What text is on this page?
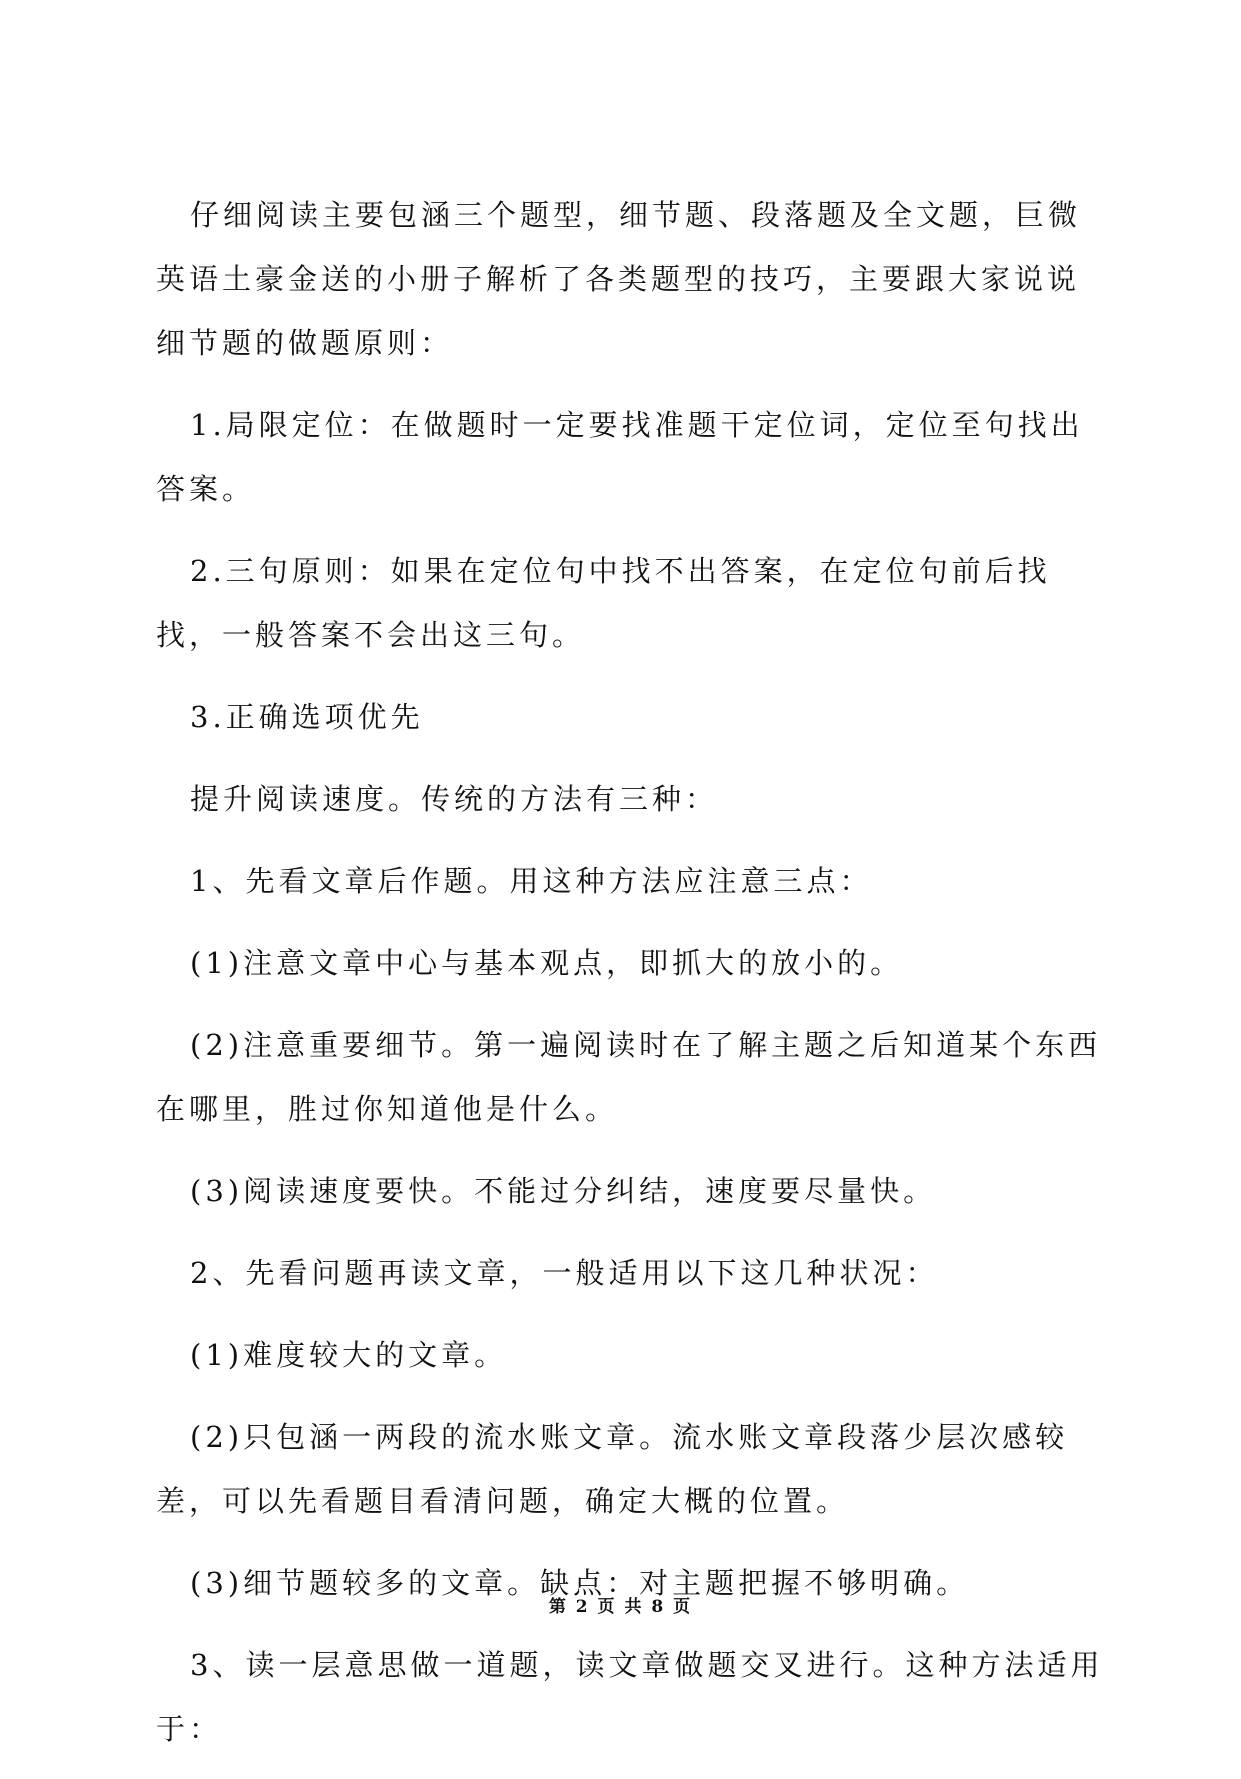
仔细阅读主要包涵三个题型，细节题、段落题及全文题，巨微英语土豪金送的小册子解析了各类题型的技巧，主要跟大家说说细节题的做题原则：

1.局限定位：在做题时一定要找准题干定位词，定位至句找出答案。

2.三句原则：如果在定位句中找不出答案，在定位句前后找找，一般答案不会出这三句。

3.正确选项优先

提升阅读速度。传统的方法有三种：

1、先看文章后作题。用这种方法应注意三点：

(1)注意文章中心与基本观点，即抓大的放小的。

(2)注意重要细节。第一遍阅读时在了解主题之后知道某个东西在哪里，胜过你知道他是什么。

(3)阅读速度要快。不能过分纠结，速度要尽量快。

2、先看问题再读文章，一般适用以下这几种状况：

(1)难度较大的文章。

(2)只包涵一两段的流水账文章。流水账文章段落少层次感较差，可以先看题目看清问题，确定大概的位置。

(3)细节题较多的文章。缺点：对主题把握不够明确。

3、读一层意思做一道题，读文章做题交叉进行。这种方法适用于：

第 2 页 共 8 页
